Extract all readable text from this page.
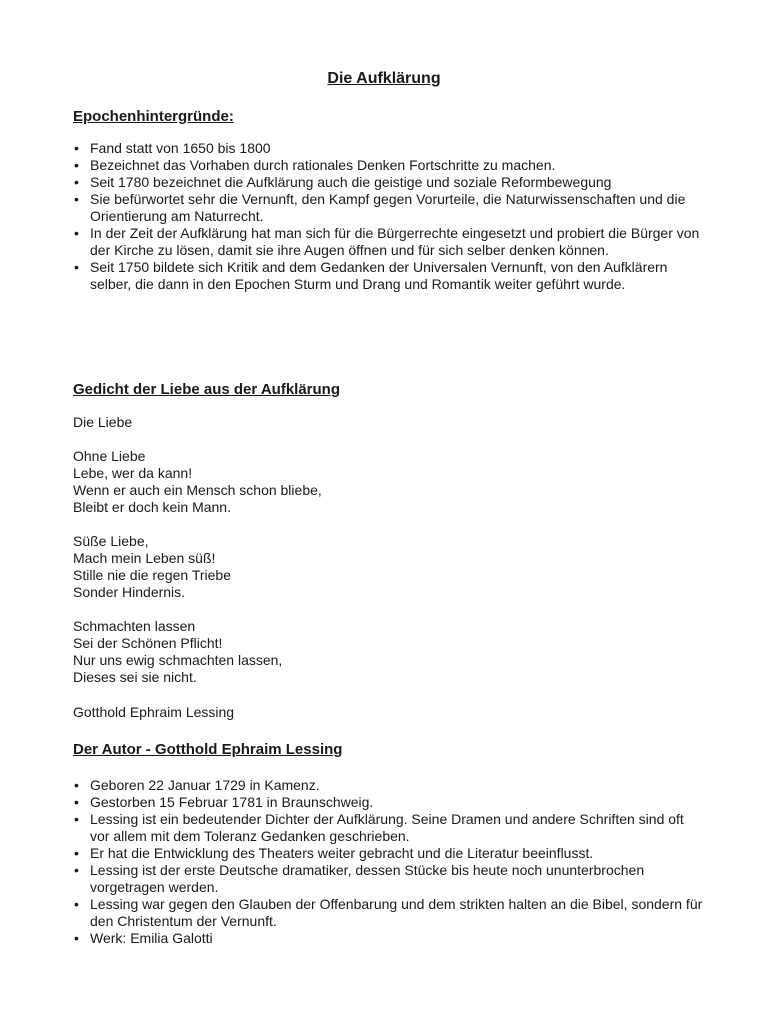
Die Aufklärung
Epochenhintergründe:
• Fand statt von 1650 bis 1800
• Bezeichnet das Vorhaben durch rationales Denken Fortschritte zu machen.
• Seit 1780 bezeichnet die Aufklärung auch die geistige und soziale Reformbewegung
• Sie befürwortet sehr die Vernunft, den Kampf gegen Vorurteile, die Naturwissenschaften und die Orientierung am Naturrecht.
• In der Zeit der Aufklärung hat man sich für die Bürgerrechte eingesetzt und probiert die Bürger von der Kirche zu lösen, damit sie ihre Augen öffnen und für sich selber denken können.
• Seit 1750 bildete sich Kritik and dem Gedanken der Universalen Vernunft, von den Aufklärern selber, die dann in den Epochen Sturm und Drang und Romantik weiter geführt wurde.
Gedicht der Liebe aus der Aufklärung
Die Liebe
Ohne Liebe
Lebe, wer da kann!
Wenn er auch ein Mensch schon bliebe,
Bleibt er doch kein Mann.
Süße Liebe,
Mach mein Leben süß!
Stille nie die regen Triebe
Sonder Hindernis.
Schmachten lassen
Sei der Schönen Pflicht!
Nur uns ewig schmachten lassen,
Dieses sei sie nicht.
Gotthold Ephraim Lessing
Der Autor - Gotthold Ephraim Lessing
• Geboren 22 Januar 1729 in Kamenz.
• Gestorben 15 Februar 1781 in Braunschweig.
• Lessing ist ein bedeutender Dichter der Aufklärung. Seine Dramen und andere Schriften sind oft vor allem mit dem Toleranz Gedanken geschrieben.
• Er hat die Entwicklung des Theaters weiter gebracht und die Literatur beeinflusst.
• Lessing ist der erste Deutsche dramatiker, dessen Stücke bis heute noch ununterbrochen vorgetragen werden.
• Lessing war gegen den Glauben der Offenbarung und dem strikten halten an die Bibel, sondern für den Christentum der Vernunft.
• Werk: Emilia Galotti
